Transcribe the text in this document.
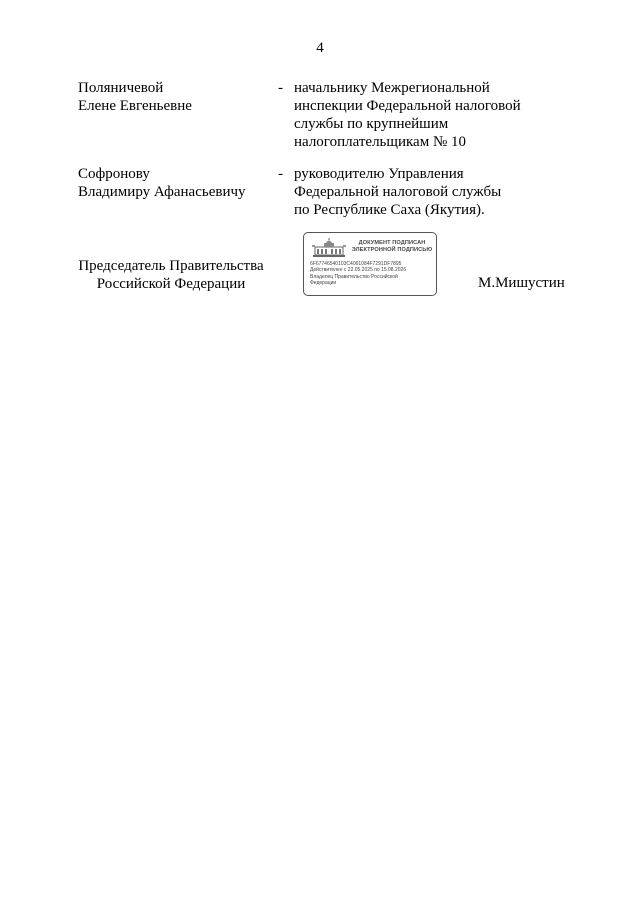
4
Поляничевой
Елене Евгеньевне
- начальнику Межрегиональной
инспекции Федеральной налоговой
службы по крупнейшим
налогоплательщикам № 10
Софронову
Владимиру Афанасьевичу
- руководителю Управления
Федеральной налоговой службы
по Республике Саха (Якутия).
Председатель Правительства
Российской Федерации
ДОКУМЕНТ ПОДПИСАН
ЭЛЕКТРОННОЙ ПОДПИСЬЮ
6F67746540103C4061084F7291DF7895
Действителен с 22.05.2025 по 15.08.2026
Владелец Правительство Российской
Федерации	М.Мишустин
